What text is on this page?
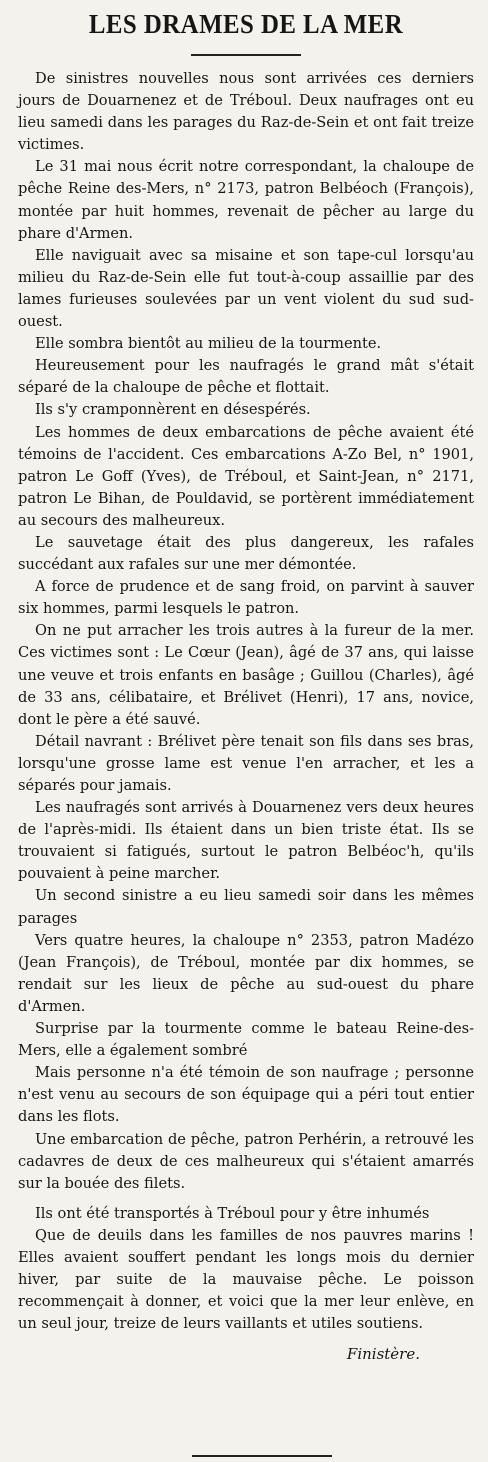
LES DRAMES DE LA MER

De sinistres nouvelles nous sont arrivées ces derniers jours de Douarnenez et de Tréboul. Deux naufrages ont eu lieu samedi dans les parages du Raz-de-Sein et ont fait treize victimes.

Le 31 mai nous écrit notre correspondant, la chaloupe de pêche Reine des-Mers, n° 2173, patron Belbéoch (François), montée par huit hommes, revenait de pêcher au large du phare d'Armen.

Elle naviguait avec sa misaine et son tape-cul lorsqu'au milieu du Raz-de-Sein elle fut tout-à-coup assaillie par des lames furieuses soulevées par un vent violent du sud sud-ouest.

Elle sombra bientôt au milieu de la tourmente.

Heureusement pour les naufragés le grand mât s'était séparé de la chaloupe de pêche et flottait.

Ils s'y cramponnèrent en désespérés.

Les hommes de deux embarcations de pêche avaient été témoins de l'accident. Ces embarcations A-Zo Bel, n° 1901, patron Le Goff (Yves), de Tréboul, et Saint-Jean, n° 2171, patron Le Bihan, de Pouldavid, se portèrent immédiatement au secours des malheureux.

Le sauvetage était des plus dangereux, les rafales succédant aux rafales sur une mer démontée.

A force de prudence et de sang froid, on parvint à sauver six hommes, parmi lesquels le patron.

On ne put arracher les trois autres à la fureur de la mer. Ces victimes sont : Le Cœur (Jean), âgé de 37 ans, qui laisse une veuve et trois enfants en basâge ; Guillou (Charles), âgé de 33 ans, célibataire, et Brélivet (Henri), 17 ans, novice, dont le père a été sauvé.

Détail navrant : Brélivet père tenait son fils dans ses bras, lorsqu'une grosse lame est venue l'en arracher, et les a séparés pour jamais.

Les naufragés sont arrivés à Douarnenez vers deux heures de l'après-midi. Ils étaient dans un bien triste état. Ils se trouvaient si fatigués, surtout le patron Belbéoc'h, qu'ils pouvaient à peine marcher.

Un second sinistre a eu lieu samedi soir dans les mêmes parages

Vers quatre heures, la chaloupe n° 2353, patron Madézo (Jean François), de Tréboul, montée par dix hommes, se rendait sur les lieux de pêche au sud-ouest du phare d'Armen.

Surprise par la tourmente comme le bateau Reine-des-Mers, elle a également sombré

Mais personne n'a été témoin de son naufrage ; personne n'est venu au secours de son équipage qui a péri tout entier dans les flots.

Une embarcation de pêche, patron Perhérin, a retrouvé les cadavres de deux de ces malheureux qui s'étaient amarrés sur la bouée des filets.

Ils ont été transportés à Tréboul pour y être inhumés

Que de deuils dans les familles de nos pauvres marins ! Elles avaient souffert pendant les longs mois du dernier hiver, par suite de la mauvaise pêche. Le poisson recommençait à donner, et voici que la mer leur enlève, en un seul jour, treize de leurs vaillants et utiles soutiens.

Finistère.
